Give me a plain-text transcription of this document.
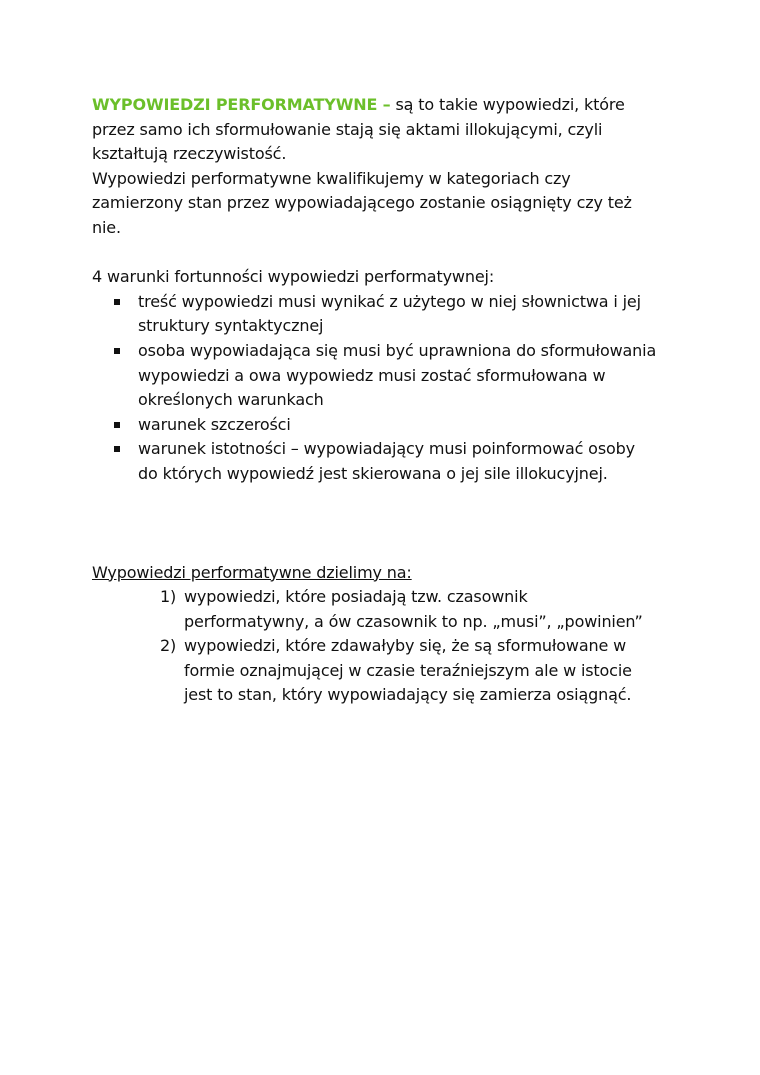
WYPOWIEDZI PERFORMATYWNE – są to takie wypowiedzi, które
przez samo ich sformułowanie stają się aktami illokującymi, czyli
kształtują rzeczywistość.
Wypowiedzi performatywne kwalifikujemy w kategoriach czy
zamierzony stan przez wypowiadającego zostanie osiągnięty czy też
nie.

4 warunki fortunności wypowiedzi performatywnej:

treść wypowiedzi musi wynikać z użytego w niej słownictwa i jej
struktury syntaktycznej
osoba wypowiadająca się musi być uprawniona do sformułowania
wypowiedzi a owa wypowiedz musi zostać sformułowana w
określonych warunkach
warunek szczerości
warunek istotności – wypowiadający musi poinformować osoby
do których wypowiedź jest skierowana o jej sile illokucyjnej.

Wypowiedzi performatywne dzielimy na:

1) wypowiedzi, które posiadają tzw. czasownik
performatywny, a ów czasownik to np. „musi”, „powinien”
2) wypowiedzi, które zdawałyby się, że są sformułowane w
formie oznajmującej w czasie teraźniejszym ale w istocie
jest to stan, który wypowiadający się zamierza osiągnąć.
